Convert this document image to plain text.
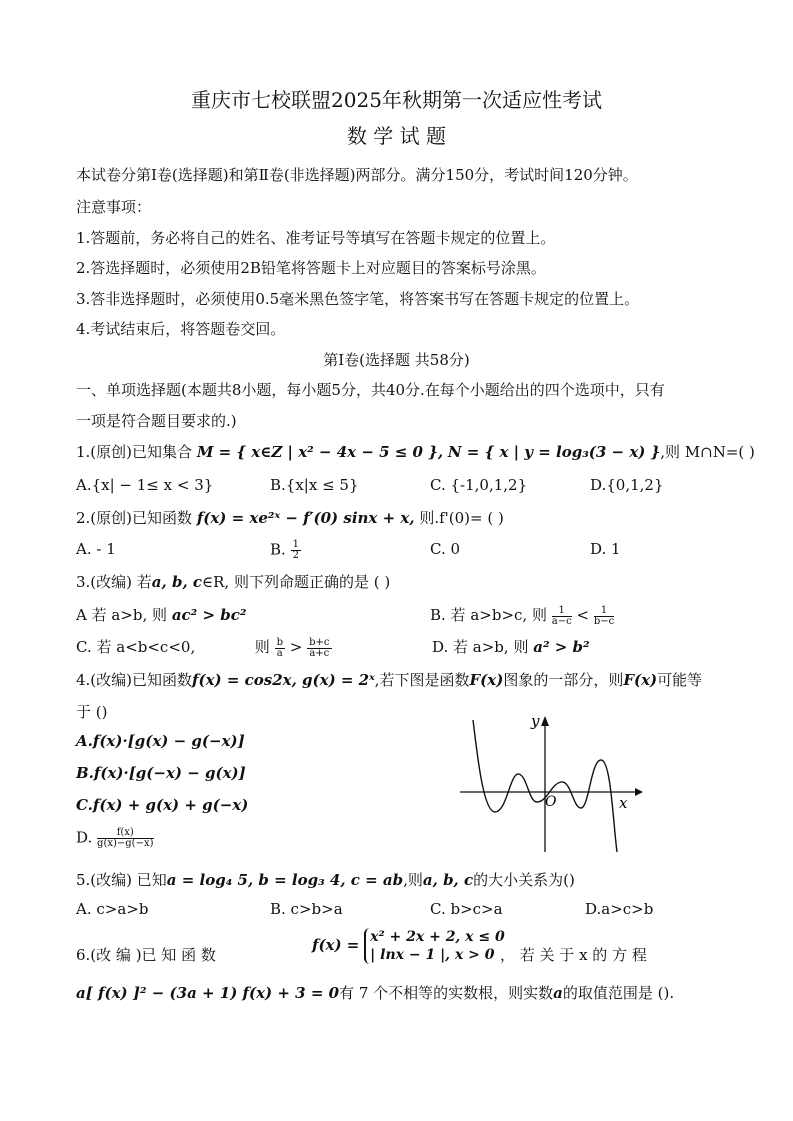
重庆市七校联盟2025年秋期第一次适应性考试
数 学 试 题
本试卷分第Ⅰ卷(选择题)和第Ⅱ卷(非选择题)两部分。满分150分，考试时间120分钟。
注意事项：
1.答题前，务必将自己的姓名、准考证号等填写在答题卡规定的位置上。
2.答选择题时，必须使用2B铅笔将答题卡上对应题目的答案标号涂黑。
3.答非选择题时，必须使用0.5毫米黑色签字笔，将答案书写在答题卡规定的位置上。
4.考试结束后，将答题卷交回。
第Ⅰ卷(选择题 共58分)
一、单项选择题(本题共8小题，每小题5分，共40分.在每个小题给出的四个选项中，只有
一项是符合题目要求的.)
1.(原创)已知集合 M = { x∈Z | x² − 4x − 5 ≤ 0 }, N = { x | y = log₃(3 − x) },则 M∩N=( )
A.{x| − 1≤ x < 3}	B.{x|x ≤ 5}	C. {-1,0,1,2}	D.{0,1,2}
2.(原创)已知函数 f(x) = xe²ˣ − f′(0) sinx + x, 则.f'(0)= ( )
A. - 1	B. $\frac{1}{2}$	C. 0	D. 1
3.(改编) 若a, b, c∈R, 则下列命题正确的是 ( )
A 若 a>b, 则 ac² > bc²	B. 若 a>b>c, 则 $\frac{1}{a-c} < \frac{1}{b-c}$
C. 若 a<b<c<0,	则 $\frac{b}{a} > \frac{b+c}{a+c}$	D. 若 a>b, 则 a² > b²
4.(改编)已知函数f(x) = cos2x, g(x) = 2ˣ,若下图是函数F(x)图象的一部分，则F(x)可能等
于 ()
A.f(x)·[g(x) − g(−x)]
B.f(x)·[g(−x) − g(x)]
C.f(x) + g(x) + g(−x)
D. $\frac{f(x)}{g(x)-g(-x)}$
y
x
O
5.(改编) 已知a = log₄ 5, b = log₃ 4, c = ab,则a, b, c的大小关系为()
A. c>a>b	B. c>b>a	C. b>c>a	D.a>c>b
6.(改 编 )已 知 函 数
f(x) = x² + 2x + 2, x ≤ 0
| lnx − 1 |, x > 0 ， 若 关 于 x 的 方 程
a[ f(x) ]² − (3a + 1) f(x) + 3 = 0有 7 个不相等的实数根，则实数a的取值范围是 ().
